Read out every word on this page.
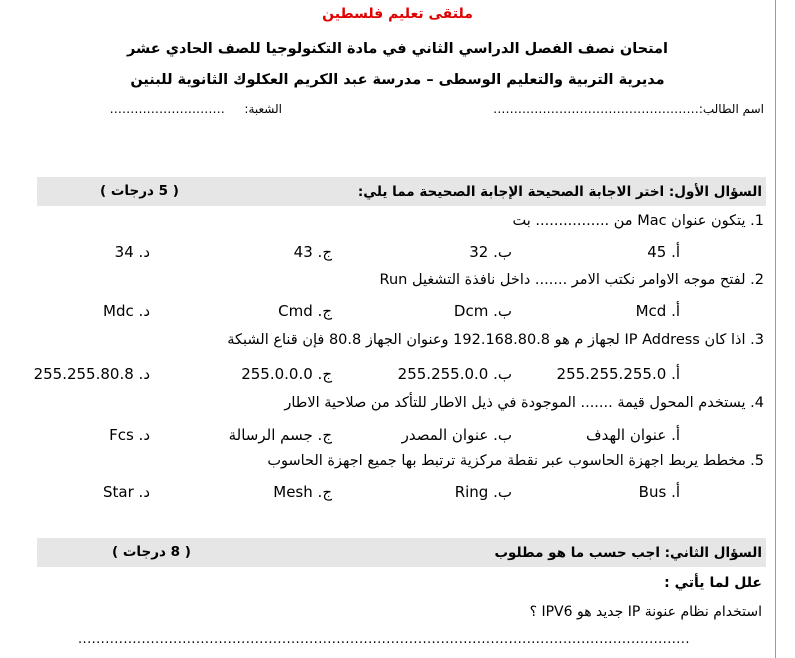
ملتقى تعليم فلسطين
امتحان نصف الفصل الدراسي الثاني في مادة التكنولوجيا للصف الحادي عشر
مديرية التربية والتعليم الوسطى – مدرسة عبد الكريم العكلوك الثانوية للبنين
اسم الطالب:
..................................................
الشعبة:
............................
السؤال الأول: اختر الاجابة الصحيحة الإجابة الصحيحة مما يلي:
( 5 درجات )
1. يتكون عنوان Mac من ................ بت
أ. 45
ب. 32
ج. 43
د. 34
2. لفتح موجه الاوامر نكتب الامر ....... داخل نافذة التشغيل Run
أ. Mcd
ب. Dcm
ج. Cmd
د. Mdc
3. اذا كان IP Address لجهاز م هو 192.168.80.8 وعنوان الجهاز 80.8 فإن قناع الشبكة
أ. 255.255.255.0
ب. 255.255.0.0
ج. 255.0.0.0
د. 255.255.80.8
4. يستخدم المحول قيمة ....... الموجودة في ذيل الاطار للتأكد من صلاحية الاطار
أ. عنوان الهدف
ب. عنوان المصدر
ج. جسم الرسالة
د. Fcs
5. مخطط يربط اجهزة الحاسوب عبر نقطة مركزية ترتبط بها جميع اجهزة الحاسوب
أ. Bus
ب. Ring
ج. Mesh
د. Star
السؤال الثاني: اجب حسب ما هو مطلوب
( 8 درجات )
علل لما يأتي :
استخدام نظام عنونة IP جديد هو IPV6 ؟
.......................................................................................................................................
